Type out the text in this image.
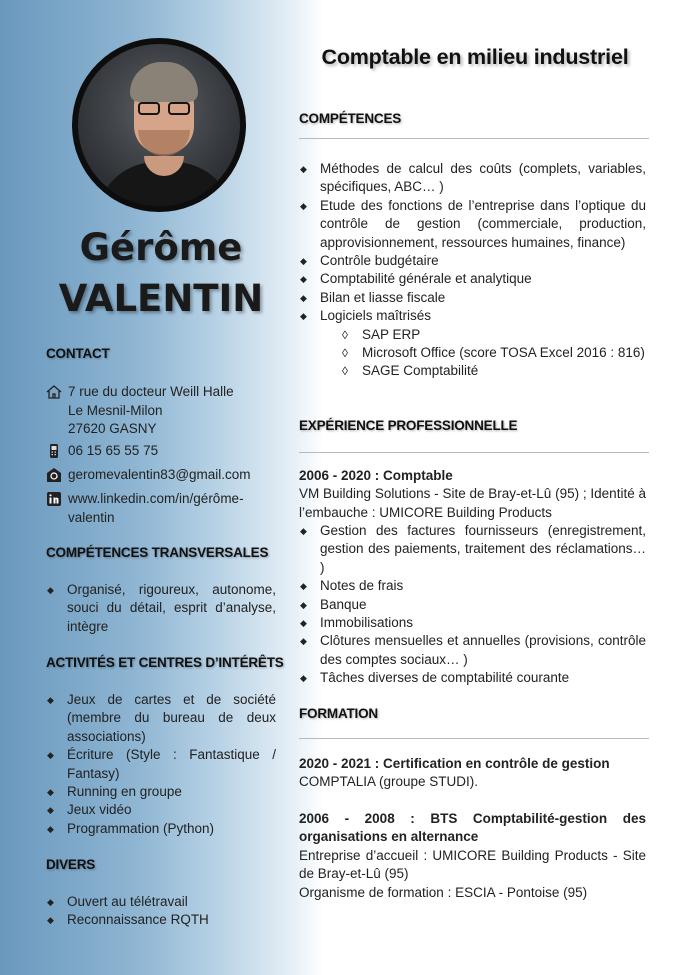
Gérôme
VALENTIN
CONTACT
7 rue du docteur Weill Halle
Le Mesnil-Milon
27620 GASNY
06 15 65 55 75
geromevalentin83@gmail.com
www.linkedin.com/in/gérôme-
valentin
COMPÉTENCES TRANSVERSALES
◆ Organisé, rigoureux, autonome, souci du détail, esprit d’analyse, intègre
ACTIVITÉS ET CENTRES D’INTÉRÊTS
◆ Jeux de cartes et de société (membre du bureau de deux associations)
◆ Écriture (Style : Fantastique / Fantasy)
◆ Running en groupe
◆ Jeux vidéo
◆ Programmation (Python)
DIVERS
◆ Ouvert au télétravail
◆ Reconnaissance RQTH
Comptable en milieu industriel
COMPÉTENCES
◆ Méthodes de calcul des coûts (complets, variables, spécifiques, ABC… )
◆ Etude des fonctions de l’entreprise dans l’optique du contrôle de gestion (commerciale, production, approvisionnement, ressources humaines, finance)
◆ Contrôle budgétaire
◆ Comptabilité générale et analytique
◆ Bilan et liasse fiscale
◆ Logiciels maîtrisés
◊ SAP ERP
◊ Microsoft Office (score TOSA Excel 2016 : 816)
◊ SAGE Comptabilité
EXPÉRIENCE PROFESSIONNELLE
2006 - 2020 : Comptable
VM Building Solutions - Site de Bray-et-Lû (95) ; Identité à l’embauche : UMICORE Building Products
◆ Gestion des factures fournisseurs (enregistrement, gestion des paiements, traitement des réclamations… )
◆ Notes de frais
◆ Banque
◆ Immobilisations
◆ Clôtures mensuelles et annuelles (provisions, contrôle des comptes sociaux… )
◆ Tâches diverses de comptabilité courante
FORMATION
2020 - 2021 : Certification en contrôle de gestion
COMPTALIA (groupe STUDI).
2006 - 2008 : BTS Comptabilité-gestion des organisations en alternance
Entreprise d’accueil : UMICORE Building Products - Site de Bray-et-Lû (95)
Organisme de formation : ESCIA - Pontoise (95)
